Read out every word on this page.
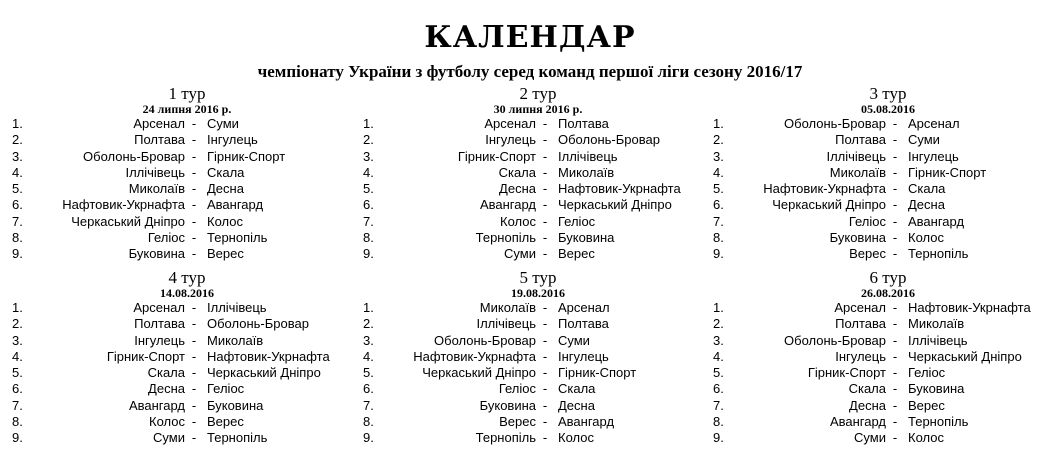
КАЛЕНДАР
чемпіонату України з футболу серед команд першої ліги сезону 2016/17
1 тур
24 липня 2016 р.
1.	Арсенал - Суми
2.	Полтава - Інгулець
3.	Оболонь-Бровар - Гірник-Спорт
4.	Іллічівець - Скала
5.	Миколаїв - Десна
6.	Нафтовик-Укрнафта - Авангард
7.	Черкаський Дніпро - Колос
8.	Геліос - Тернопіль
9.	Буковина - Верес
2 тур
30 липня 2016 р.
1.	Арсенал - Полтава
2.	Інгулець - Оболонь-Бровар
3.	Гірник-Спорт - Іллічівець
4.	Скала - Миколаїв
5.	Десна - Нафтовик-Укрнафта
6.	Авангард - Черкаський Дніпро
7.	Колос - Геліос
8.	Тернопіль - Буковина
9.	Суми - Верес
3 тур
05.08.2016
1.	Оболонь-Бровар - Арсенал
2.	Полтава - Суми
3.	Іллічівець - Інгулець
4.	Миколаїв - Гірник-Спорт
5.	Нафтовик-Укрнафта - Скала
6.	Черкаський Дніпро - Десна
7.	Геліос - Авангард
8.	Буковина - Колос
9.	Верес - Тернопіль
4 тур
14.08.2016
1.	Арсенал - Іллічівець
2.	Полтава - Оболонь-Бровар
3.	Інгулець - Миколаїв
4.	Гірник-Спорт - Нафтовик-Укрнафта
5.	Скала - Черкаський Дніпро
6.	Десна - Геліос
7.	Авангард - Буковина
8.	Колос - Верес
9.	Суми - Тернопіль
5 тур
19.08.2016
1.	Миколаїв - Арсенал
2.	Іллічівець - Полтава
3.	Оболонь-Бровар - Суми
4.	Нафтовик-Укрнафта - Інгулець
5.	Черкаський Дніпро - Гірник-Спорт
6.	Геліос - Скала
7.	Буковина - Десна
8.	Верес - Авангард
9.	Тернопіль - Колос
6 тур
26.08.2016
1.	Арсенал - Нафтовик-Укрнафта
2.	Полтава - Миколаїв
3.	Оболонь-Бровар - Іллічівець
4.	Інгулець - Черкаський Дніпро
5.	Гірник-Спорт - Геліос
6.	Скала - Буковина
7.	Десна - Верес
8.	Авангард - Тернопіль
9.	Суми - Колос
